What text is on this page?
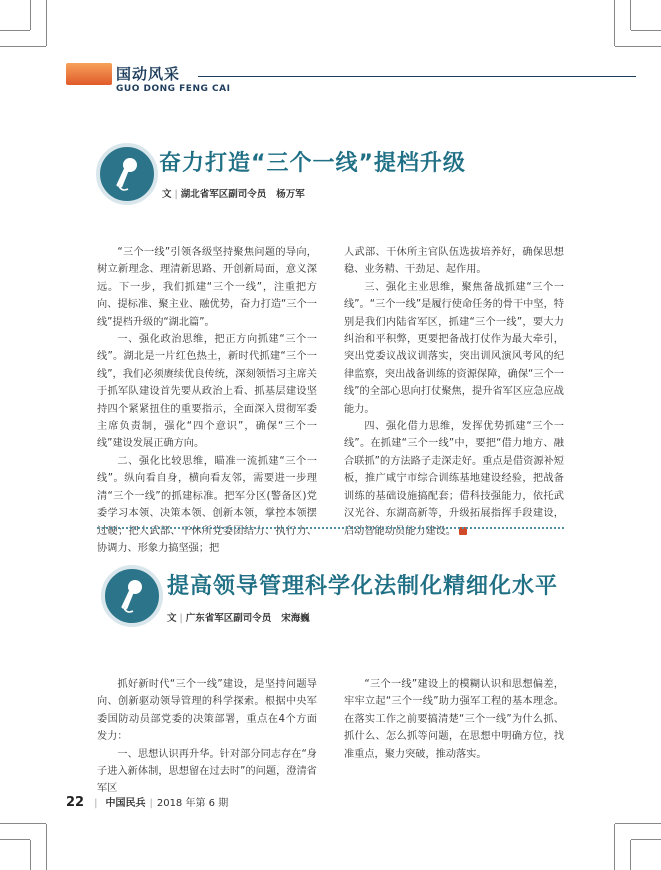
国动风采
GUO DONG FENG CAI
奋力打造“三个一线”提档升级
文 | 湖北省军区副司令员 杨万军

“三个一线”引领各级坚持聚焦问题的导向，树立新理念、理清新思路、开创新局面，意义深远。下一步，我们抓建“三个一线”，注重把方向、提标准、聚主业、融优势，奋力打造“三个一线”提档升级的“湖北篇”。

一、强化政治思维，把正方向抓建“三个一线”。湖北是一片红色热土，新时代抓建“三个一线”，我们必须赓续优良传统，深刻领悟习主席关于抓军队建设首先要从政治上看、抓基层建设坚持四个紧紧扭住的重要指示，全面深入贯彻军委主席负责制，强化“四个意识”，确保“三个一线”建设发展正确方向。

二、强化比较思维，瞄准一流抓建“三个一线”。纵向看自身，横向看友邻，需要进一步理清“三个一线”的抓建标准。把军分区(警备区)党委学习本领、决策本领、创新本领，掌控本领摆过硬；把人武部、干休所党委团结力、执行力、协调力、形象力搞坚强；把

人武部、干休所主官队伍选拔培养好，确保思想稳、业务精、干劲足、起作用。

三、强化主业思维，聚焦备战抓建“三个一线”。“三个一线”是履行使命任务的骨干中坚，特别是我们内陆省军区，抓建“三个一线”，要大力纠治和平积弊，更要把备战打仗作为最大牵引，突出党委议战议训落实，突出训风演风考风的纪律监察，突出战备训练的资源保障，确保“三个一线”的全部心思向打仗聚焦，提升省军区应急应战能力。

四、强化借力思维，发挥优势抓建“三个一线”。在抓建“三个一线”中，要把“借力地方、融合联抓”的方法路子走深走好。重点是借资源补短板，推广咸宁市综合训练基地建设经验，把战备训练的基础设施搞配套；借科技强能力，依托武汉光谷、东湖高新等，升级拓展指挥手段建设，启动智能动员能力建设。

提高领导管理科学化法制化精细化水平
文 | 广东省军区副司令员 宋海巍

抓好新时代“三个一线”建设，是坚持问题导向、创新驱动领导管理的科学探索。根据中央军委国防动员部党委的决策部署，重点在4个方面发力：

一、思想认识再升华。针对部分同志存在“身子进入新体制，思想留在过去时”的问题，澄清省军区

“三个一线”建设上的模糊认识和思想偏差，牢牢立起“三个一线”助力强军工程的基本理念。在落实工作之前要搞清楚“三个一线”为什么抓、抓什么、怎么抓等问题，在思想中明确方位，找准重点，聚力突破，推动落实。

22 | 中国民兵 | 2018 年第 6 期
